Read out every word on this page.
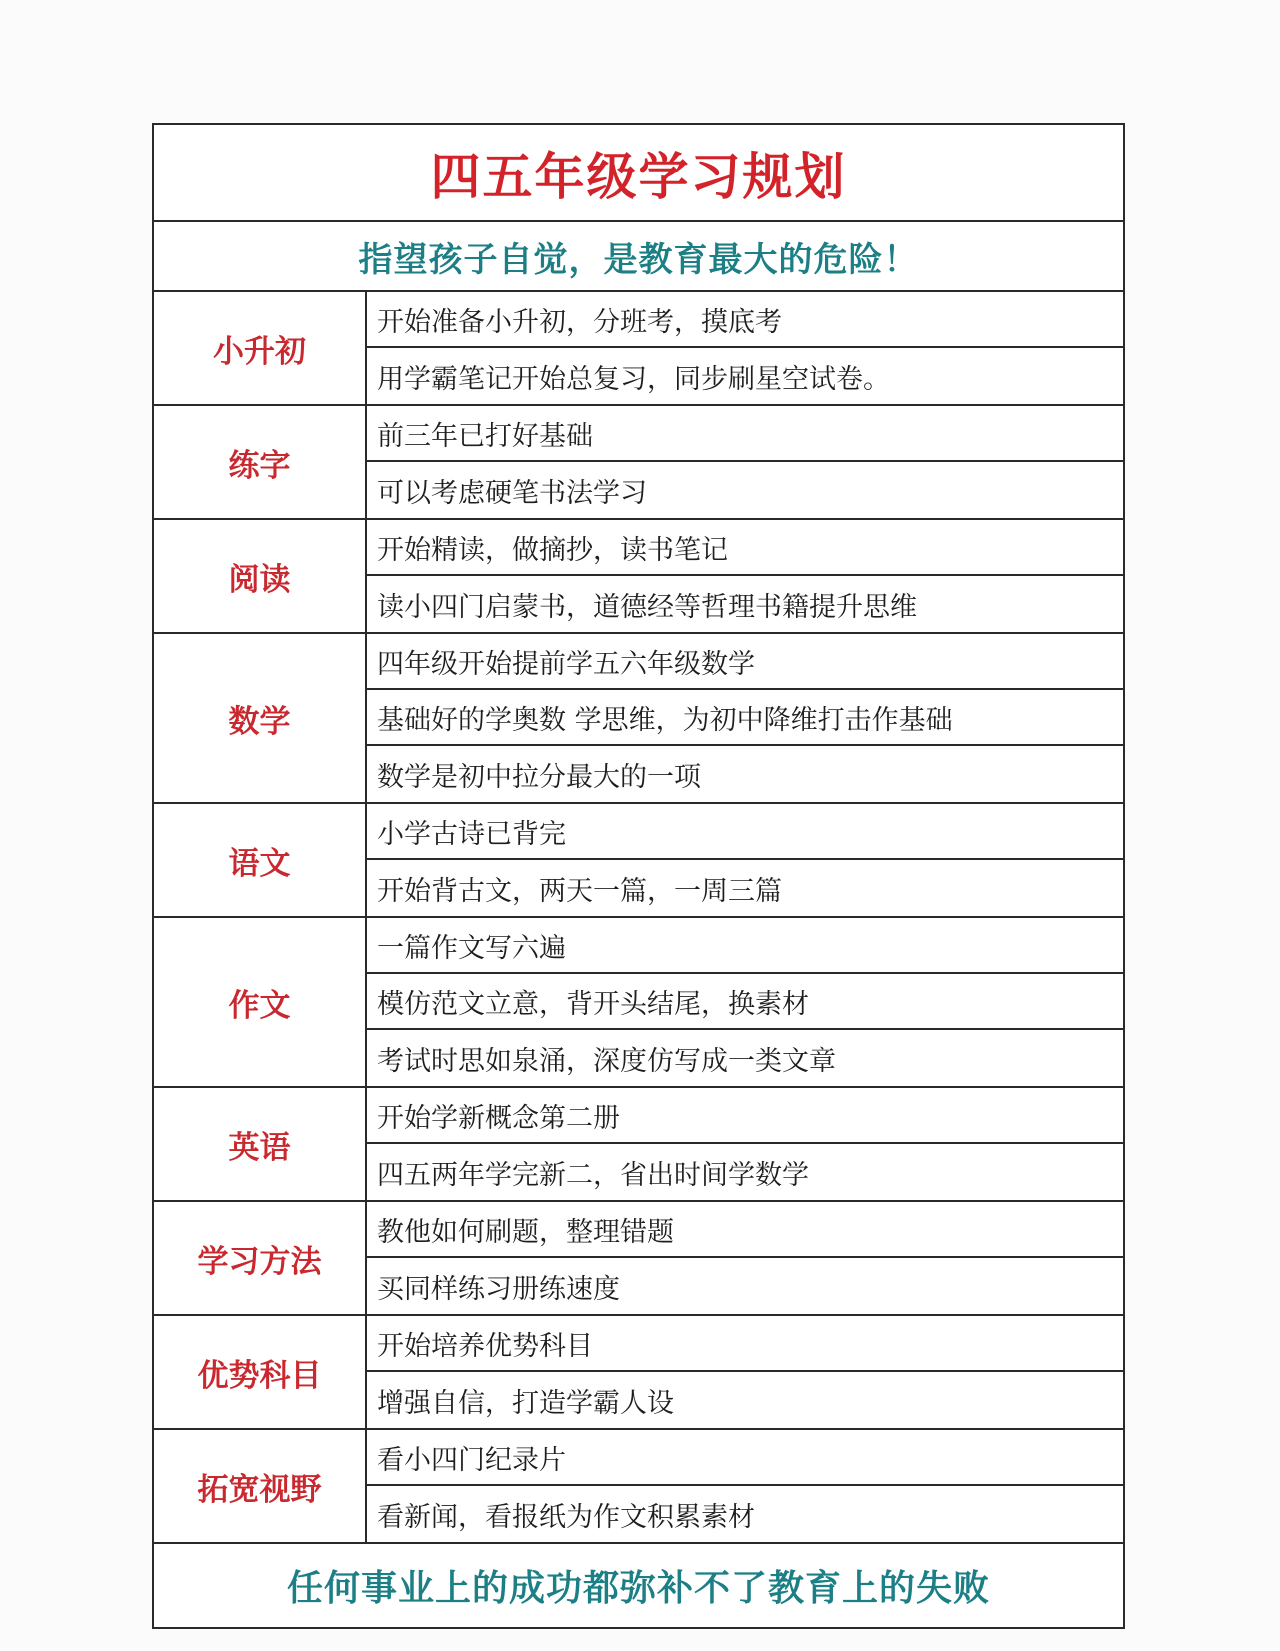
四五年级学习规划
指望孩子自觉，是教育最大的危险！
小升初
开始准备小升初，分班考，摸底考
用学霸笔记开始总复习，同步刷星空试卷。
练字
前三年已打好基础
可以考虑硬笔书法学习
阅读
开始精读，做摘抄，读书笔记
读小四门启蒙书，道德经等哲理书籍提升思维
数学
四年级开始提前学五六年级数学
基础好的学奥数 学思维，为初中降维打击作基础
数学是初中拉分最大的一项
语文
小学古诗已背完
开始背古文，两天一篇，一周三篇
作文
一篇作文写六遍
模仿范文立意，背开头结尾，换素材
考试时思如泉涌，深度仿写成一类文章
英语
开始学新概念第二册
四五两年学完新二，省出时间学数学
学习方法
教他如何刷题，整理错题
买同样练习册练速度
优势科目
开始培养优势科目
增强自信，打造学霸人设
拓宽视野
看小四门纪录片
看新闻，看报纸为作文积累素材
任何事业上的成功都弥补不了教育上的失败
